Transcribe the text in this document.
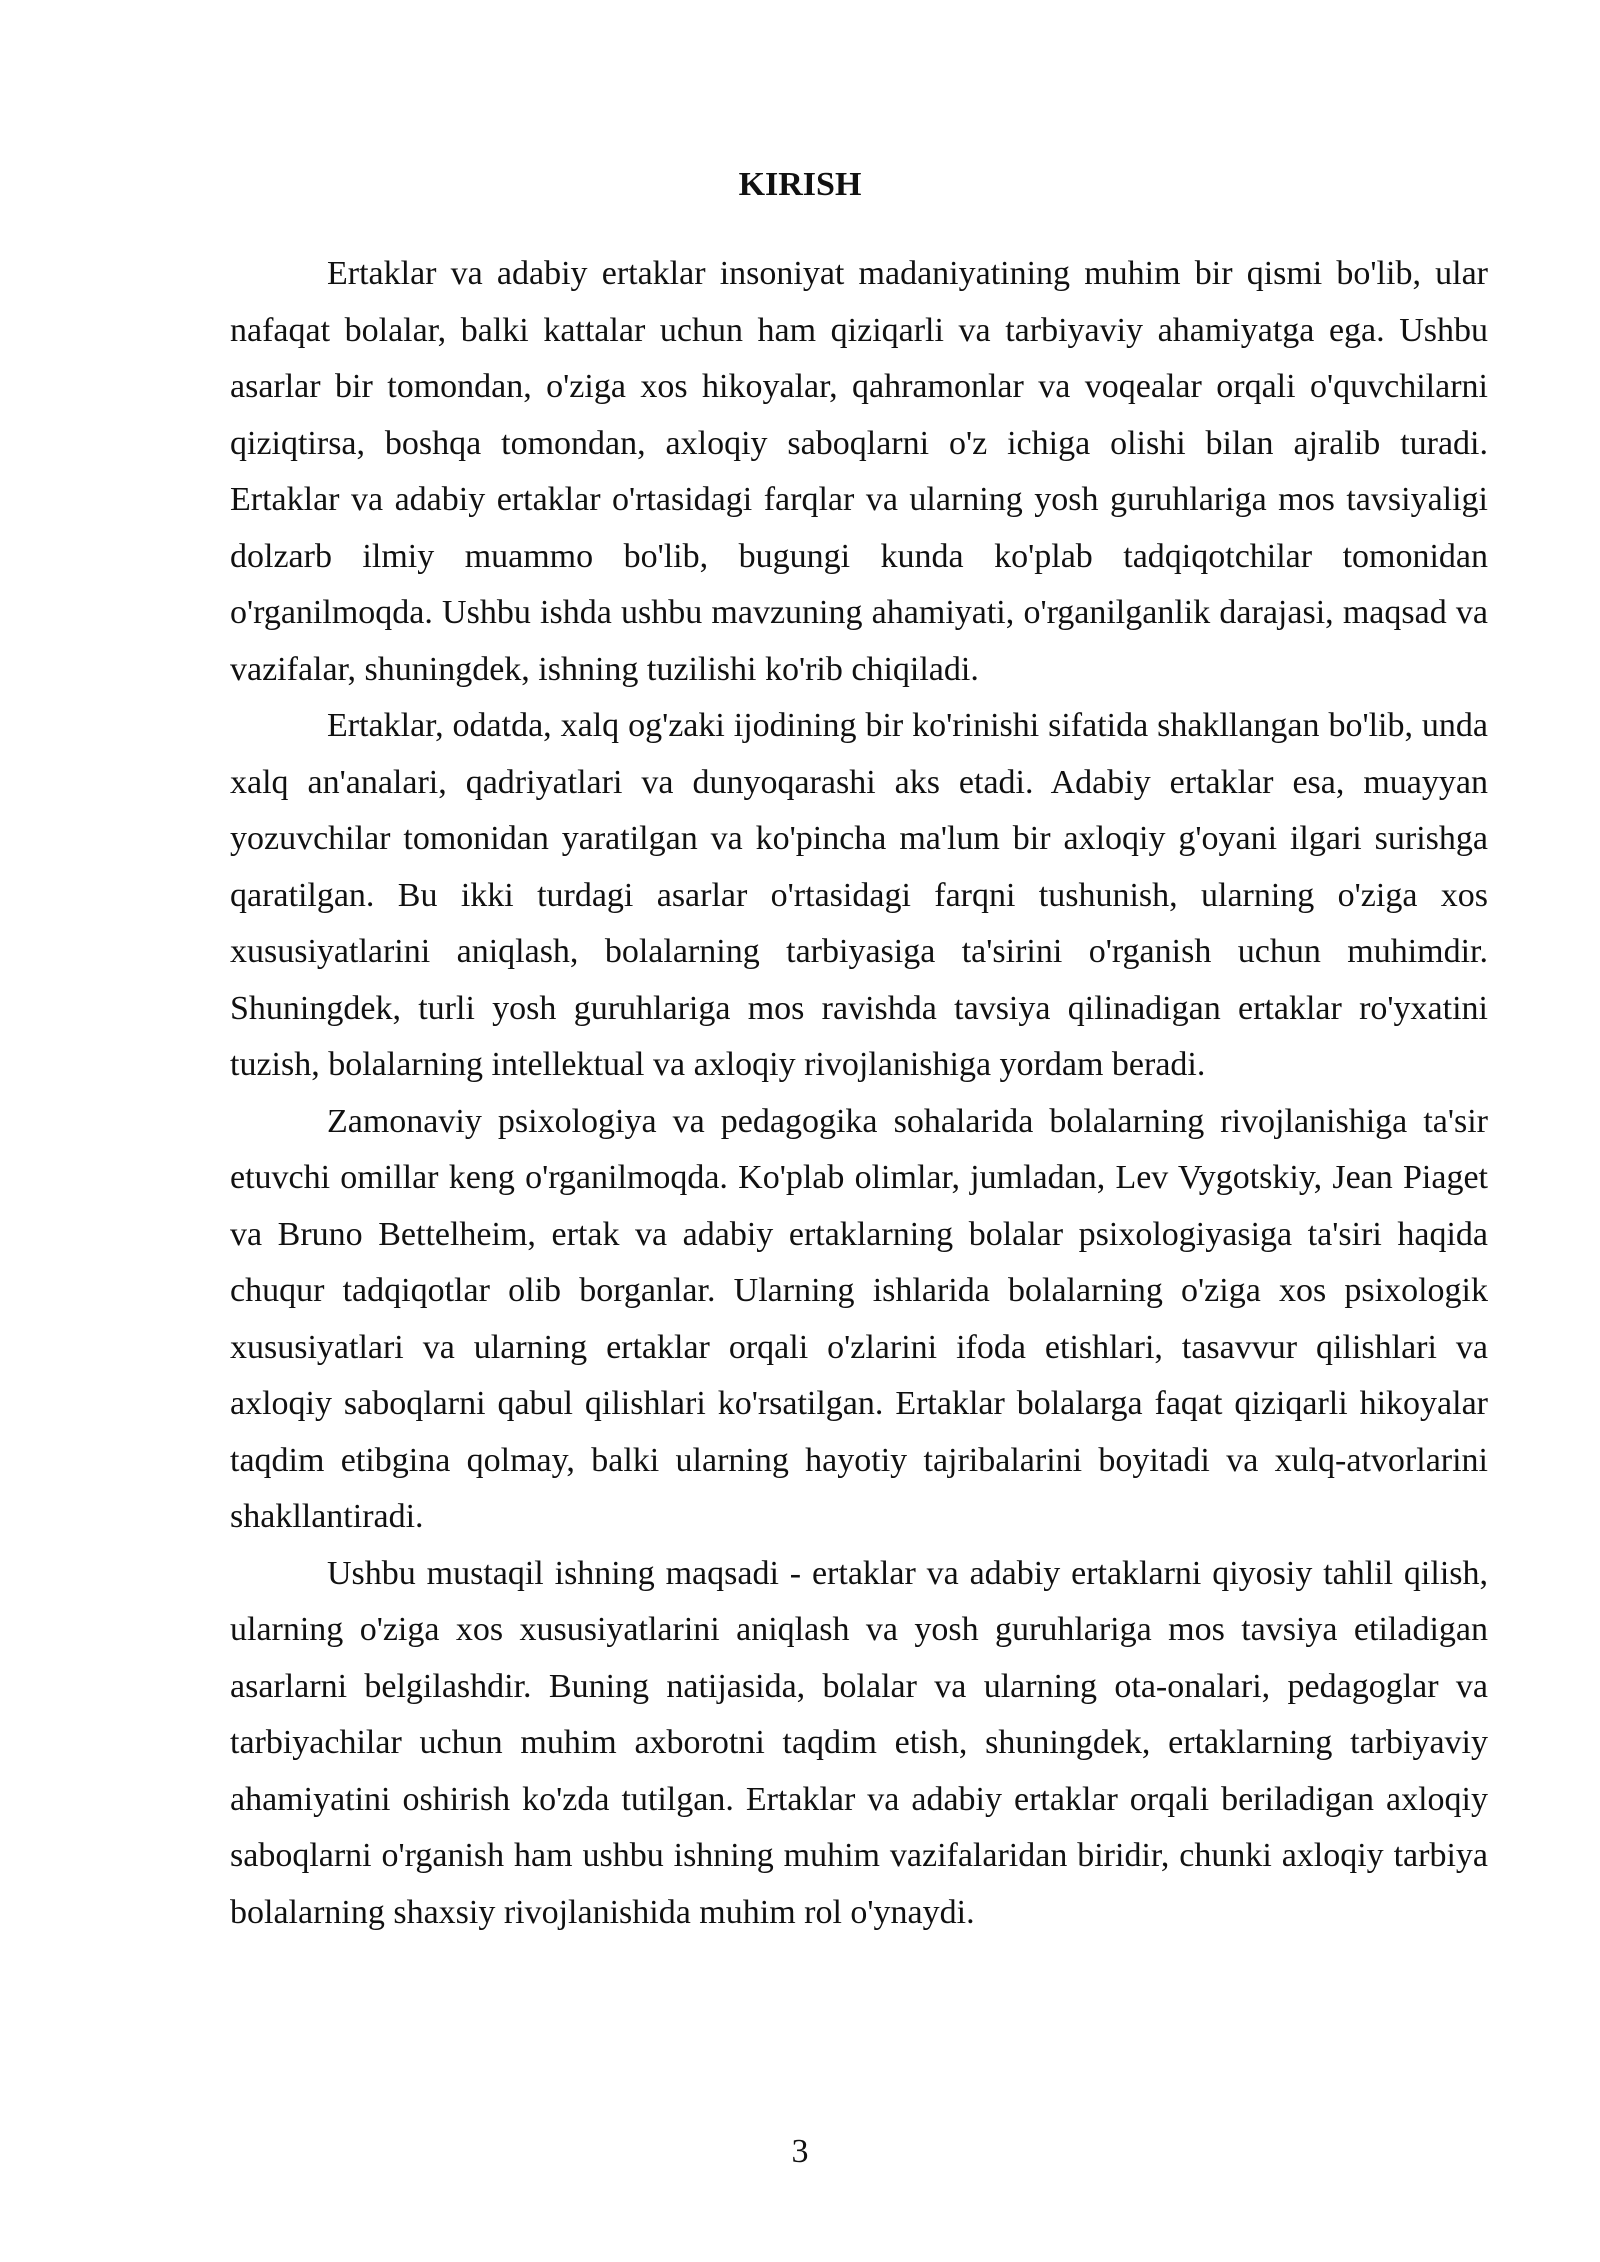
KIRISH

Ertaklar va adabiy ertaklar insoniyat madaniyatining muhim bir qismi bo'lib, ular nafaqat bolalar, balki kattalar uchun ham qiziqarli va tarbiyaviy ahamiyatga ega. Ushbu asarlar bir tomondan, o'ziga xos hikoyalar, qahramonlar va voqealar orqali o'quvchilarni qiziqtirsa, boshqa tomondan, axloqiy saboqlarni o'z ichiga olishi bilan ajralib turadi. Ertaklar va adabiy ertaklar o'rtasidagi farqlar va ularning yosh guruhlariga mos tavsiyaligi dolzarb ilmiy muammo bo'lib, bugungi kunda ko'plab tadqiqotchilar tomonidan o'rganilmoqda. Ushbu ishda ushbu mavzuning ahamiyati, o'rganilganlik darajasi, maqsad va vazifalar, shuningdek, ishning tuzilishi ko'rib chiqiladi.

Ertaklar, odatda, xalq og'zaki ijodining bir ko'rinishi sifatida shakllangan bo'lib, unda xalq an'analari, qadriyatlari va dunyoqarashi aks etadi. Adabiy ertaklar esa, muayyan yozuvchilar tomonidan yaratilgan va ko'pincha ma'lum bir axloqiy g'oyani ilgari surishga qaratilgan. Bu ikki turdagi asarlar o'rtasidagi farqni tushunish, ularning o'ziga xos xususiyatlarini aniqlash, bolalarning tarbiyasiga ta'sirini o'rganish uchun muhimdir. Shuningdek, turli yosh guruhlariga mos ravishda tavsiya qilinadigan ertaklar ro'yxatini tuzish, bolalarning intellektual va axloqiy rivojlanishiga yordam beradi.

Zamonaviy psixologiya va pedagogika sohalarida bolalarning rivojlanishiga ta'sir etuvchi omillar keng o'rganilmoqda. Ko'plab olimlar, jumladan, Lev Vygotskiy, Jean Piaget va Bruno Bettelheim, ertak va adabiy ertaklarning bolalar psixologiyasiga ta'siri haqida chuqur tadqiqotlar olib borganlar. Ularning ishlarida bolalarning o'ziga xos psixologik xususiyatlari va ularning ertaklar orqali o'zlarini ifoda etishlari, tasavvur qilishlari va axloqiy saboqlarni qabul qilishlari ko'rsatilgan. Ertaklar bolalarga faqat qiziqarli hikoyalar taqdim etibgina qolmay, balki ularning hayotiy tajribalarini boyitadi va xulq-atvorlarini shakllantiradi.

Ushbu mustaqil ishning maqsadi - ertaklar va adabiy ertaklarni qiyosiy tahlil qilish, ularning o'ziga xos xususiyatlarini aniqlash va yosh guruhlariga mos tavsiya etiladigan asarlarni belgilashdir. Buning natijasida, bolalar va ularning ota-onalari, pedagoglar va tarbiyachilar uchun muhim axborotni taqdim etish, shuningdek, ertaklarning tarbiyaviy ahamiyatini oshirish ko'zda tutilgan. Ertaklar va adabiy ertaklar orqali beriladigan axloqiy saboqlarni o'rganish ham ushbu ishning muhim vazifalaridan biridir, chunki axloqiy tarbiya bolalarning shaxsiy rivojlanishida muhim rol o'ynaydi.

3
